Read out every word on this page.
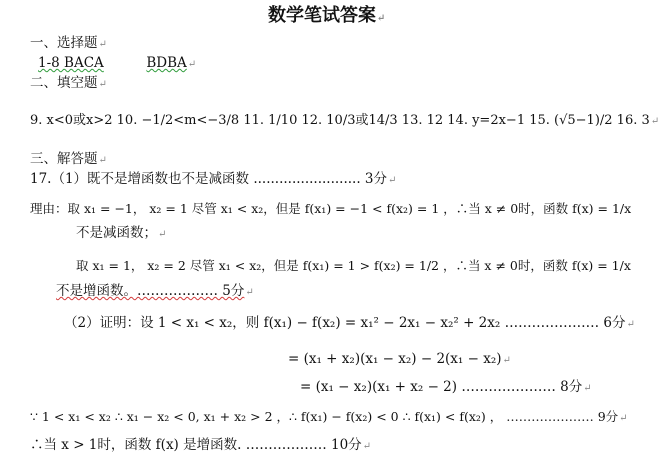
数学笔试答案↵
一、选择题↵
1-8 BACA	BDBA↵
二、填空题↵
9. x<0或x>2 10. −1/2<m<−3/8 11. 1/10 12. 10/3或14/3 13. 12 14. y=2x−1 15. (√5−1)/2 16. 3↵
三、解答题↵
17.（1）既不是增函数也不是减函数 ......................... 3分↵
理由：取 x₁ = −1， x₂ = 1 尽管 x₁ < x₂，但是 f(x₁) = −1 < f(x₂) = 1 ，∴当 x ≠ 0时，函数 f(x) = 1/x
不是减函数；↵
取 x₁ = 1， x₂ = 2 尽管 x₁ < x₂，但是 f(x₁) = 1 > f(x₂) = 1/2 ，∴当 x ≠ 0时，函数 f(x) = 1/x
不是增函数。……………… 5分↵
（2）证明：设 1 < x₁ < x₂，则 f(x₁) − f(x₂) = x₁² − 2x₁ − x₂² + 2x₂ ………………… 6分↵
= (x₁ + x₂)(x₁ − x₂) − 2(x₁ − x₂)↵
= (x₁ − x₂)(x₁ + x₂ − 2) ………………… 8分↵
∵ 1 < x₁ < x₂ ∴ x₁ − x₂ < 0, x₁ + x₂ > 2 ，∴ f(x₁) − f(x₂) < 0 ∴ f(x₁) < f(x₂) ， ………………… 9分↵
∴当 x > 1时，函数 f(x) 是增函数. ……………… 10分↵
